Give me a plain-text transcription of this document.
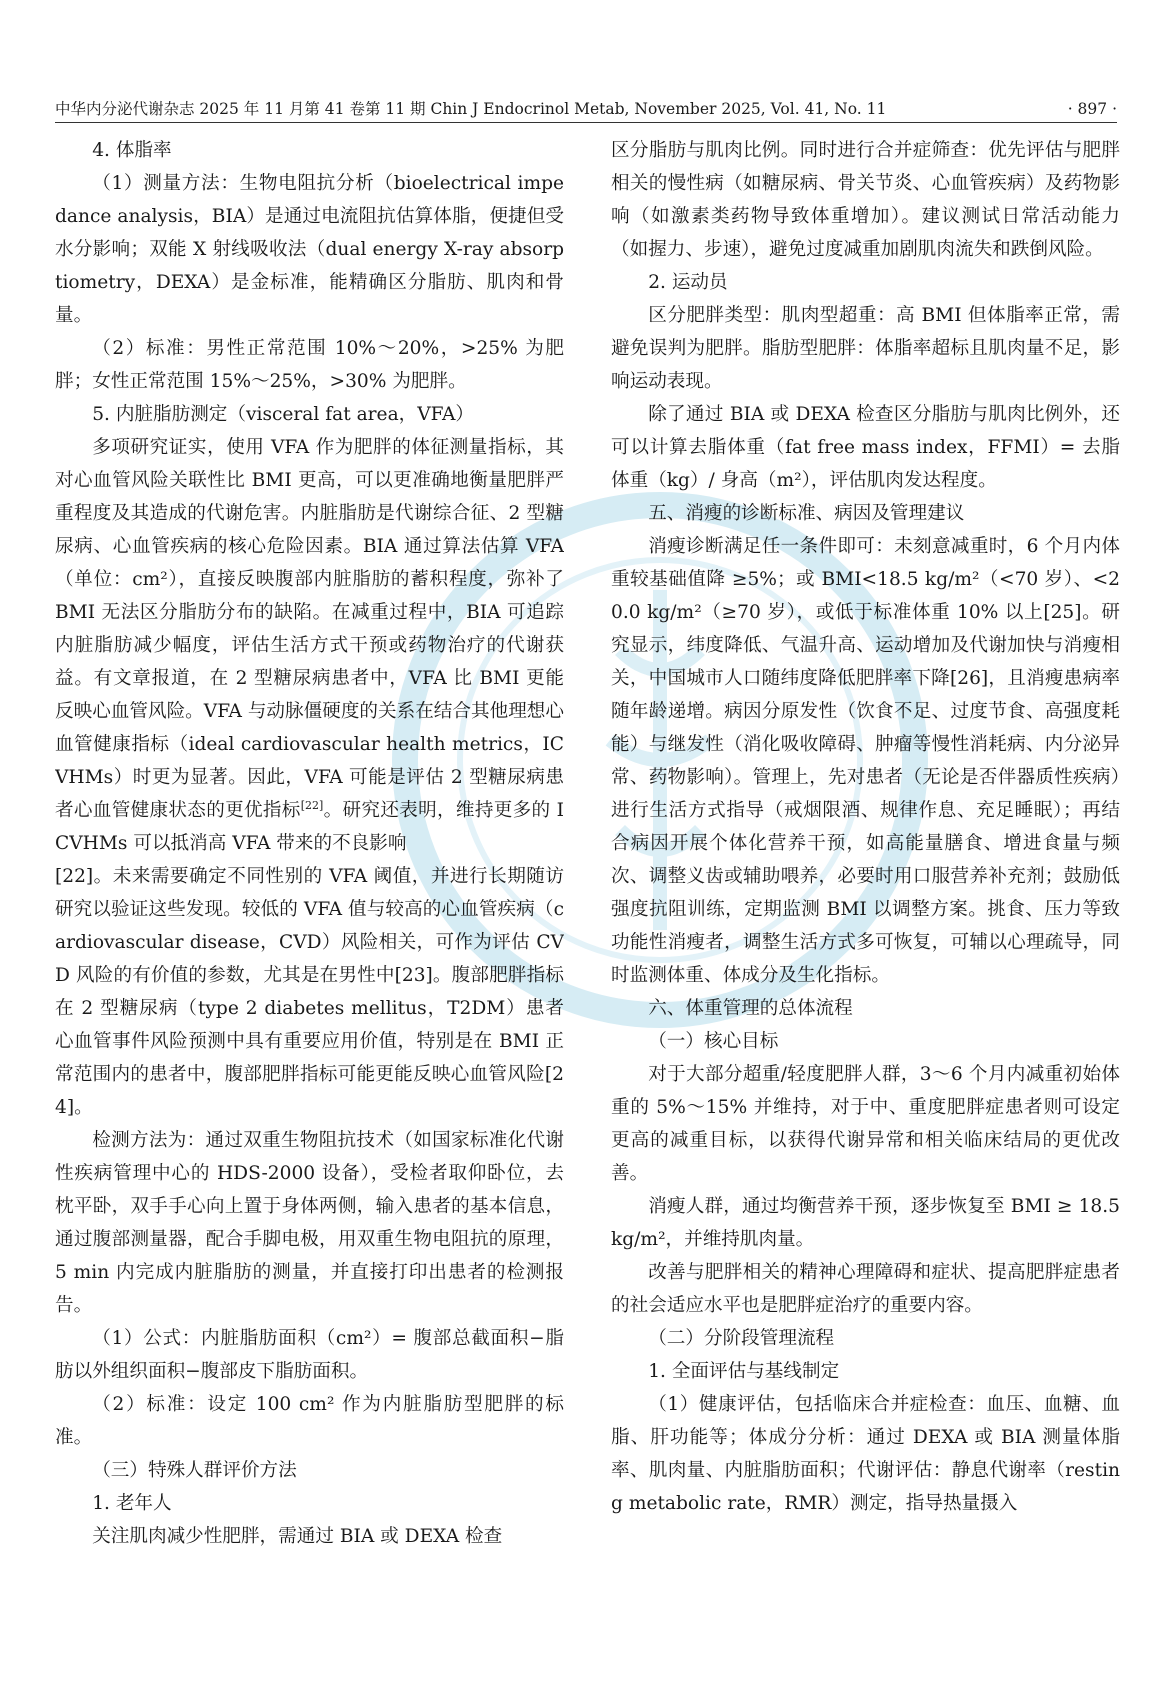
中华内分泌代谢杂志 2025 年 11 月第 41 卷第 11 期 Chin J Endocrinol Metab, November 2025, Vol. 41, No. 11	· 897 ·

4. 体脂率

（1）测量方法：生物电阻抗分析（bioelectrical impedance analysis，BIA）是通过电流阻抗估算体脂，便捷但受水分影响；双能 X 射线吸收法（dual energy X-ray absorptiometry，DEXA）是金标准，能精确区分脂肪、肌肉和骨量。

（2）标准：男性正常范围 10%～20%，>25% 为肥胖；女性正常范围 15%～25%，>30% 为肥胖。

5. 内脏脂肪测定（visceral fat area，VFA）

多项研究证实，使用 VFA 作为肥胖的体征测量指标，其对心血管风险关联性比 BMI 更高，可以更准确地衡量肥胖严重程度及其造成的代谢危害。内脏脂肪是代谢综合征、2 型糖尿病、心血管疾病的核心危险因素。BIA 通过算法估算 VFA（单位：cm²），直接反映腹部内脏脂肪的蓄积程度，弥补了 BMI 无法区分脂肪分布的缺陷。在减重过程中，BIA 可追踪内脏脂肪减少幅度，评估生活方式干预或药物治疗的代谢获益。有文章报道，在 2 型糖尿病患者中，VFA 比 BMI 更能反映心血管风险。VFA 与动脉僵硬度的关系在结合其他理想心血管健康指标（ideal cardiovascular health metrics，ICVHMs）时更为显著。因此，VFA 可能是评估 2 型糖尿病患者心血管健康状态的更优指标[22]。研究还表明，维持更多的 ICVHMs 可以抵消高 VFA 带来的不良影响

[22]。未来需要确定不同性别的 VFA 阈值，并进行长期随访研究以验证这些发现。较低的 VFA 值与较高的心血管疾病（cardiovascular disease，CVD）风险相关，可作为评估 CVD 风险的有价值的参数，尤其是在男性中[23]。腹部肥胖指标在 2 型糖尿病（type 2 diabetes mellitus，T2DM）患者心血管事件风险预测中具有重要应用价值，特别是在 BMI 正常范围内的患者中，腹部肥胖指标可能更能反映心血管风险[24]。

检测方法为：通过双重生物阻抗技术（如国家标准化代谢性疾病管理中心的 HDS-2000 设备），受检者取仰卧位，去枕平卧，双手手心向上置于身体两侧，输入患者的基本信息，通过腹部测量器，配合手脚电极，用双重生物电阻抗的原理，5 min 内完成内脏脂肪的测量，并直接打印出患者的检测报告。

（1）公式：内脏脂肪面积（cm²）= 腹部总截面积−脂肪以外组织面积−腹部皮下脂肪面积。

（2）标准：设定 100 cm² 作为内脏脂肪型肥胖的标准。

（三）特殊人群评价方法

1. 老年人

关注肌肉减少性肥胖，需通过 BIA 或 DEXA 检查

区分脂肪与肌肉比例。同时进行合并症筛查：优先评估与肥胖相关的慢性病（如糖尿病、骨关节炎、心血管疾病）及药物影响（如激素类药物导致体重增加）。建议测试日常活动能力（如握力、步速），避免过度减重加剧肌肉流失和跌倒风险。

2. 运动员

区分肥胖类型：肌肉型超重：高 BMI 但体脂率正常，需避免误判为肥胖。脂肪型肥胖：体脂率超标且肌肉量不足，影响运动表现。

除了通过 BIA 或 DEXA 检查区分脂肪与肌肉比例外，还可以计算去脂体重（fat free mass index，FFMI）= 去脂体重（kg）/ 身高（m²），评估肌肉发达程度。

五、消瘦的诊断标准、病因及管理建议

消瘦诊断满足任一条件即可：未刻意减重时，6 个月内体重较基础值降 ≥5%；或 BMI<18.5 kg/m²（<70 岁）、<20.0 kg/m²（≥70 岁），或低于标准体重 10% 以上[25]。研究显示，纬度降低、气温升高、运动增加及代谢加快与消瘦相关，中国城市人口随纬度降低肥胖率下降[26]，且消瘦患病率随年龄递增。病因分原发性（饮食不足、过度节食、高强度耗能）与继发性（消化吸收障碍、肿瘤等慢性消耗病、内分泌异常、药物影响）。管理上，先对患者（无论是否伴器质性疾病）进行生活方式指导（戒烟限酒、规律作息、充足睡眠）；再结合病因开展个体化营养干预，如高能量膳食、增进食量与频次、调整义齿或辅助喂养，必要时用口服营养补充剂；鼓励低强度抗阻训练，定期监测 BMI 以调整方案。挑食、压力等致功能性消瘦者，调整生活方式多可恢复，可辅以心理疏导，同时监测体重、体成分及生化指标。

六、体重管理的总体流程

（一）核心目标

对于大部分超重/轻度肥胖人群，3～6 个月内减重初始体重的 5%～15% 并维持，对于中、重度肥胖症患者则可设定更高的减重目标，以获得代谢异常和相关临床结局的更优改善。

消瘦人群，通过均衡营养干预，逐步恢复至 BMI ≥ 18.5 kg/m²，并维持肌肉量。

改善与肥胖相关的精神心理障碍和症状、提高肥胖症患者的社会适应水平也是肥胖症治疗的重要内容。

（二）分阶段管理流程

1. 全面评估与基线制定

（1）健康评估，包括临床合并症检查：血压、血糖、血脂、肝功能等；体成分分析：通过 DEXA 或 BIA 测量体脂率、肌肉量、内脏脂肪面积；代谢评估：静息代谢率（resting metabolic rate，RMR）测定，指导热量摄入
